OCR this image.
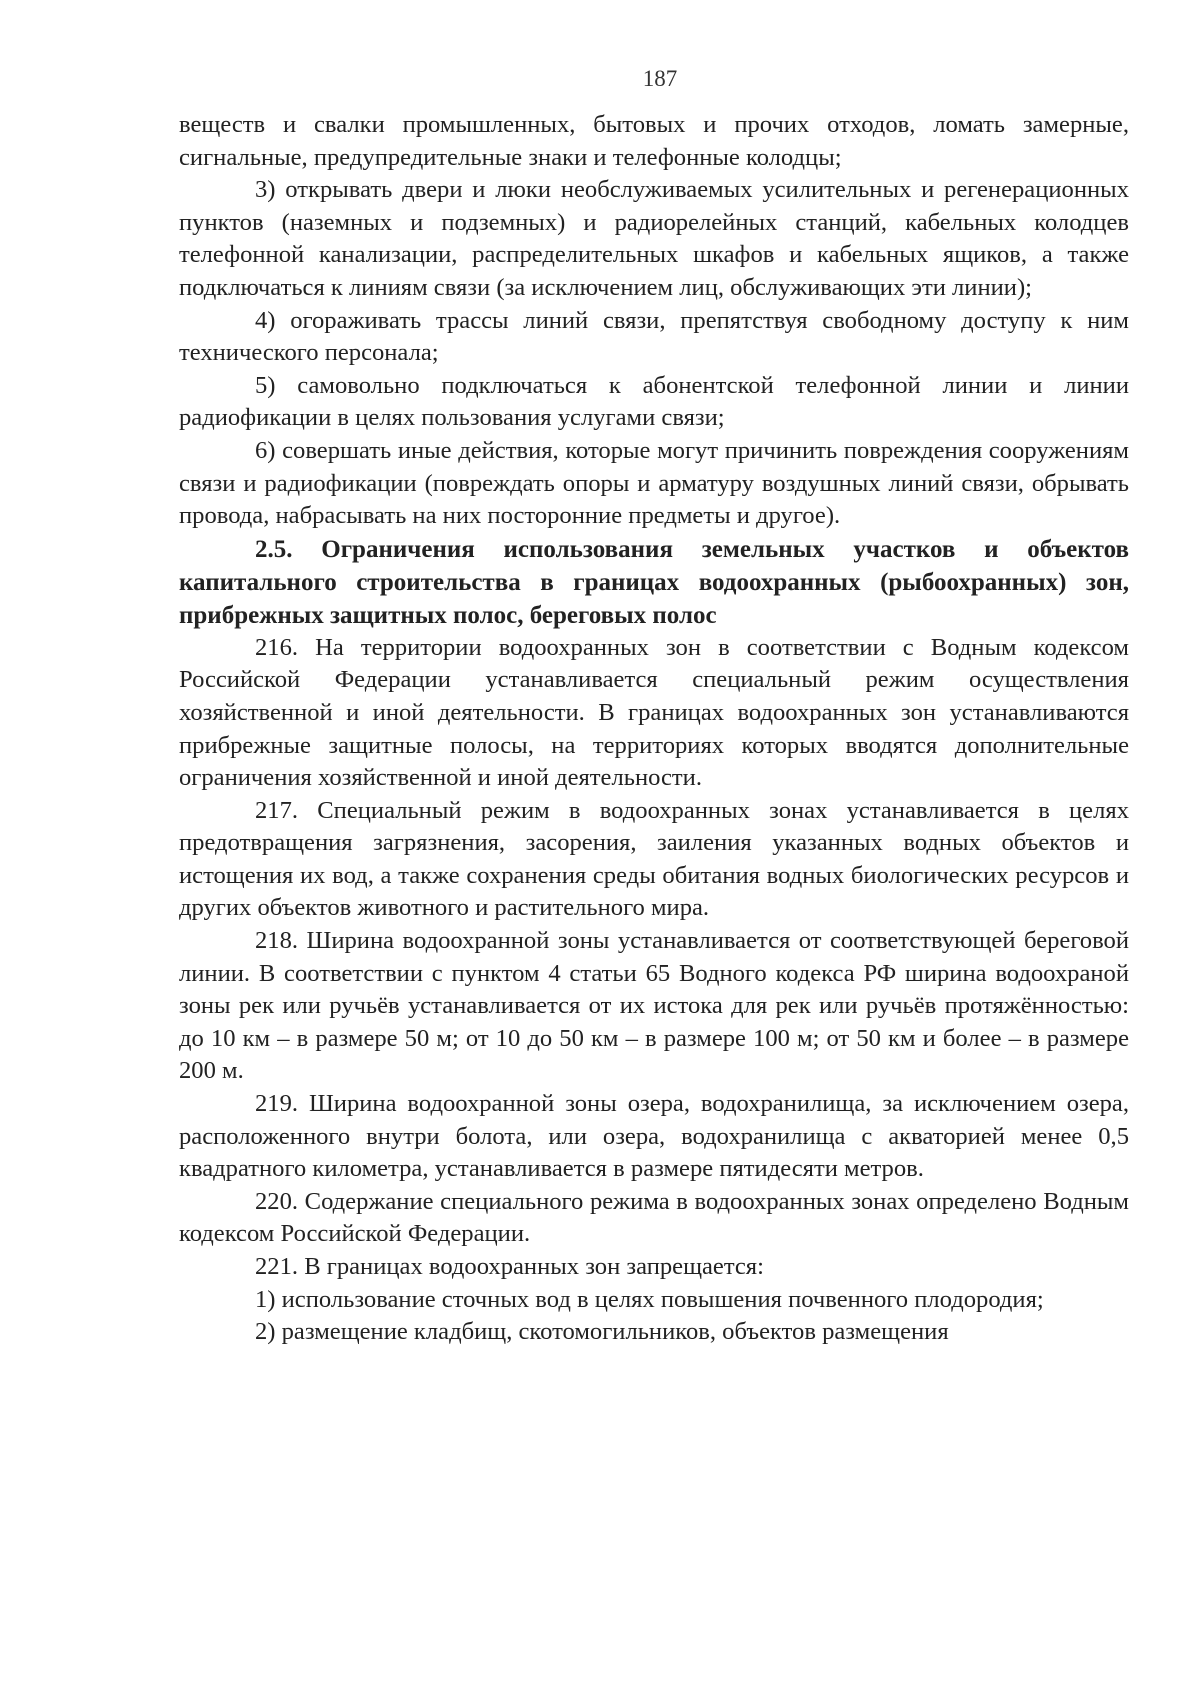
187

веществ и свалки промышленных, бытовых и прочих отходов, ломать замерные, сигнальные, предупредительные знаки и телефонные колодцы;

3) открывать двери и люки необслуживаемых усилительных и регенерационных пунктов (наземных и подземных) и радиорелейных станций, кабельных колодцев телефонной канализации, распределительных шкафов и кабельных ящиков, а также подключаться к линиям связи (за исключением лиц, обслуживающих эти линии);

4) огораживать трассы линий связи, препятствуя свободному доступу к ним технического персонала;

5) самовольно подключаться к абонентской телефонной линии и линии радиофикации в целях пользования услугами связи;

6) совершать иные действия, которые могут причинить повреждения сооружениям связи и радиофикации (повреждать опоры и арматуру воздушных линий связи, обрывать провода, набрасывать на них посторонние предметы и другое).

2.5. Ограничения использования земельных участков и объектов капитального строительства в границах водоохранных (рыбоохранных) зон, прибрежных защитных полос, береговых полос

216. На территории водоохранных зон в соответствии с Водным кодексом Российской Федерации устанавливается специальный режим осуществления хозяйственной и иной деятельности. В границах водоохранных зон устанавливаются прибрежные защитные полосы, на территориях которых вводятся дополнительные ограничения хозяйственной и иной деятельности.

217. Специальный режим в водоохранных зонах устанавливается в целях предотвращения загрязнения, засорения, заиления указанных водных объектов и истощения их вод, а также сохранения среды обитания водных биологических ресурсов и других объектов животного и растительного мира.

218. Ширина водоохранной зоны устанавливается от соответствующей береговой линии. В соответствии с пунктом 4 статьи 65 Водного кодекса РФ ширина водоохраной зоны рек или ручьёв устанавливается от их истока для рек или ручьёв протяжённостью: до 10 км – в размере 50 м; от 10 до 50 км – в размере 100 м; от 50 км и более – в размере 200 м.

219. Ширина водоохранной зоны озера, водохранилища, за исключением озера, расположенного внутри болота, или озера, водохранилища с акваторией менее 0,5 квадратного километра, устанавливается в размере пятидесяти метров.

220. Содержание специального режима в водоохранных зонах определено Водным кодексом Российской Федерации.

221. В границах водоохранных зон запрещается:

1) использование сточных вод в целях повышения почвенного плодородия;

2) размещение кладбищ, скотомогильников, объектов размещения
